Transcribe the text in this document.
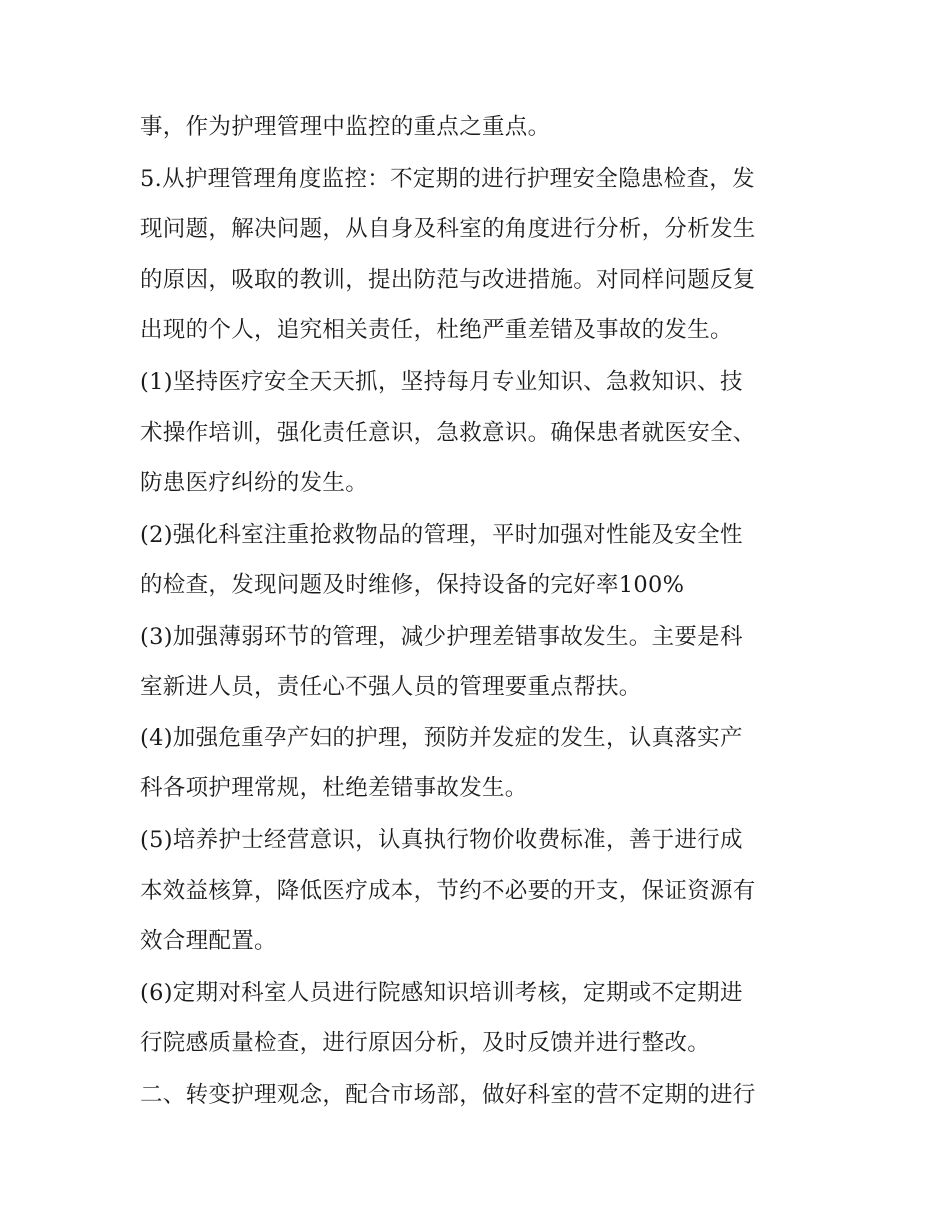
事，作为护理管理中监控的重点之重点。
5.从护理管理角度监控：不定期的进行护理安全隐患检查，发
现问题，解决问题，从自身及科室的角度进行分析，分析发生
的原因，吸取的教训，提出防范与改进措施。对同样问题反复
出现的个人，追究相关责任，杜绝严重差错及事故的发生。
(1)坚持医疗安全天天抓，坚持每月专业知识、急救知识、技
术操作培训，强化责任意识，急救意识。确保患者就医安全、
防患医疗纠纷的发生。
(2)强化科室注重抢救物品的管理，平时加强对性能及安全性
的检查，发现问题及时维修，保持设备的完好率100%
(3)加强薄弱环节的管理，减少护理差错事故发生。主要是科
室新进人员，责任心不强人员的管理要重点帮扶。
(4)加强危重孕产妇的护理，预防并发症的发生，认真落实产
科各项护理常规，杜绝差错事故发生。
(5)培养护士经营意识，认真执行物价收费标准，善于进行成
本效益核算，降低医疗成本，节约不必要的开支，保证资源有
效合理配置。
(6)定期对科室人员进行院感知识培训考核，定期或不定期进
行院感质量检查，进行原因分析，及时反馈并进行整改。
二、转变护理观念，配合市场部，做好科室的营不定期的进行
